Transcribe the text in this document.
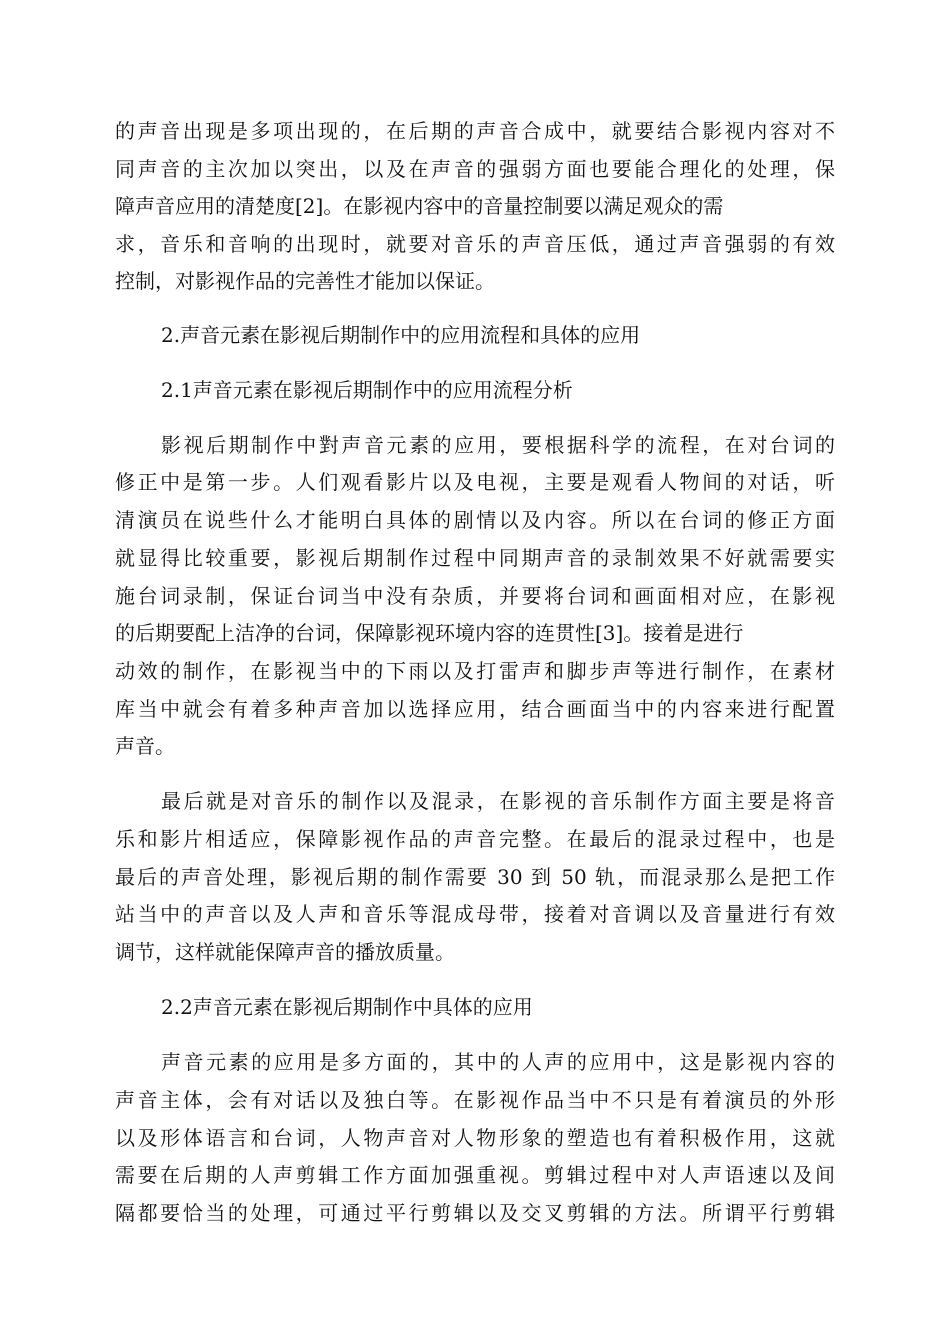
的声音出现是多项出现的，在后期的声音合成中，就要结合影视内容对不
同声音的主次加以突出，以及在声音的强弱方面也要能合理化的处理，保
障声音应用的清楚度[2]。在影视内容中的音量控制要以满足观众的需
求，音乐和音响的出现时，就要对音乐的声音压低，通过声音强弱的有效
控制，对影视作品的完善性才能加以保证。
2.声音元素在影视后期制作中的应用流程和具体的应用
2.1声音元素在影视后期制作中的应用流程分析
影视后期制作中對声音元素的应用，要根据科学的流程，在对台词的
修正中是第一步。人们观看影片以及电视，主要是观看人物间的对话，听
清演员在说些什么才能明白具体的剧情以及内容。所以在台词的修正方面
就显得比较重要，影视后期制作过程中同期声音的录制效果不好就需要实
施台词录制，保证台词当中没有杂质，并要将台词和画面相对应，在影视
的后期要配上洁净的台词，保障影视环境内容的连贯性[3]。接着是进行
动效的制作，在影视当中的下雨以及打雷声和脚步声等进行制作，在素材
库当中就会有着多种声音加以选择应用，结合画面当中的内容来进行配置
声音。
最后就是对音乐的制作以及混录，在影视的音乐制作方面主要是将音
乐和影片相适应，保障影视作品的声音完整。在最后的混录过程中，也是
最后的声音处理，影视后期的制作需要 30 到 50 轨，而混录那么是把工作
站当中的声音以及人声和音乐等混成母带，接着对音调以及音量进行有效
调节，这样就能保障声音的播放质量。
2.2声音元素在影视后期制作中具体的应用
声音元素的应用是多方面的，其中的人声的应用中，这是影视内容的
声音主体，会有对话以及独白等。在影视作品当中不只是有着演员的外形
以及形体语言和台词，人物声音对人物形象的塑造也有着积极作用，这就
需要在后期的人声剪辑工作方面加强重视。剪辑过程中对人声语速以及间
隔都要恰当的处理，可通过平行剪辑以及交叉剪辑的方法。所谓平行剪辑
